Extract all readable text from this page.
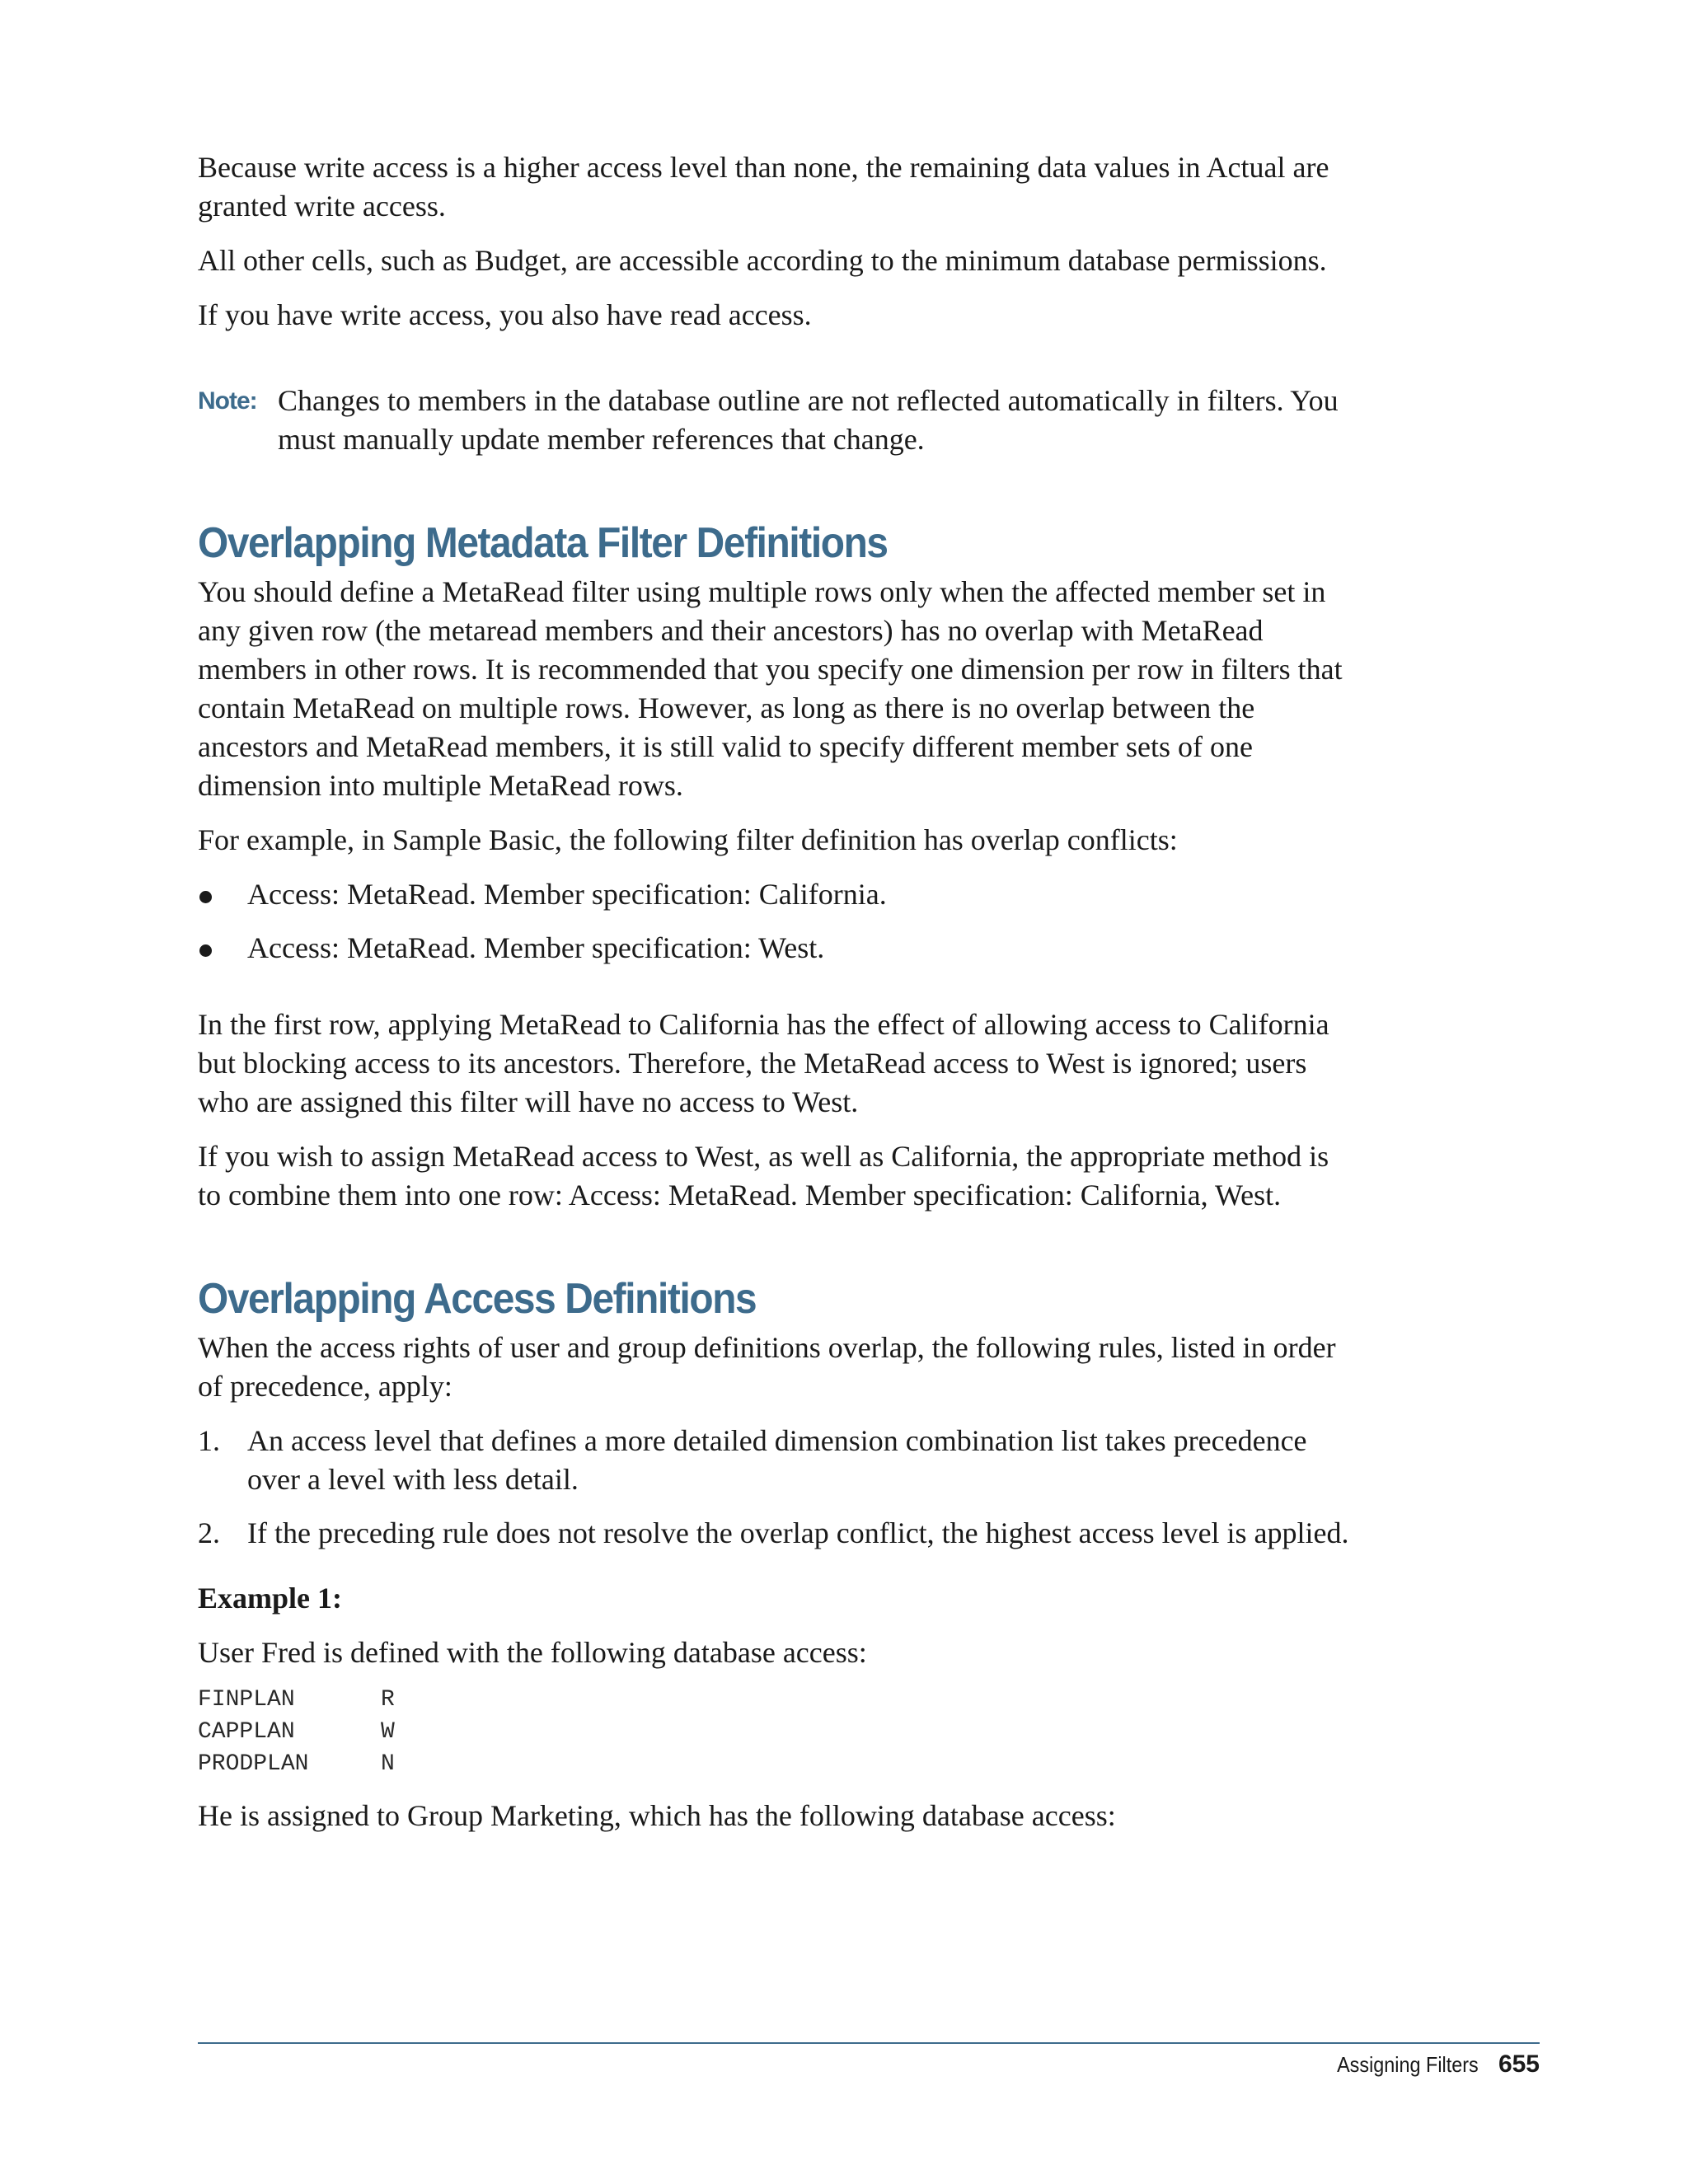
Because write access is a higher access level than none, the remaining data values in Actual are granted write access.

All other cells, such as Budget, are accessible according to the minimum database permissions.

If you have write access, you also have read access.

Note: Changes to members in the database outline are not reflected automatically in filters. You must manually update member references that change.
Overlapping Metadata Filter Definitions

You should define a MetaRead filter using multiple rows only when the affected member set in any given row (the metaread members and their ancestors) has no overlap with MetaRead members in other rows. It is recommended that you specify one dimension per row in filters that contain MetaRead on multiple rows. However, as long as there is no overlap between the ancestors and MetaRead members, it is still valid to specify different member sets of one dimension into multiple MetaRead rows.

For example, in Sample Basic, the following filter definition has overlap conflicts:

Access: MetaRead. Member specification: California.
Access: MetaRead. Member specification: West.

In the first row, applying MetaRead to California has the effect of allowing access to California but blocking access to its ancestors. Therefore, the MetaRead access to West is ignored; users who are assigned this filter will have no access to West.

If you wish to assign MetaRead access to West, as well as California, the appropriate method is to combine them into one row: Access: MetaRead. Member specification: California, West.

Overlapping Access Definitions

When the access rights of user and group definitions overlap, the following rules, listed in order of precedence, apply:

1. An access level that defines a more detailed dimension combination list takes precedence over a level with less detail.
2. If the preceding rule does not resolve the overlap conflict, the highest access level is applied.

Example 1:

User Fred is defined with the following database access:

FINPLAN	R
CAPPLAN	W
PRODPLAN	N

He is assigned to Group Marketing, which has the following database access:

Assigning Filters 655
